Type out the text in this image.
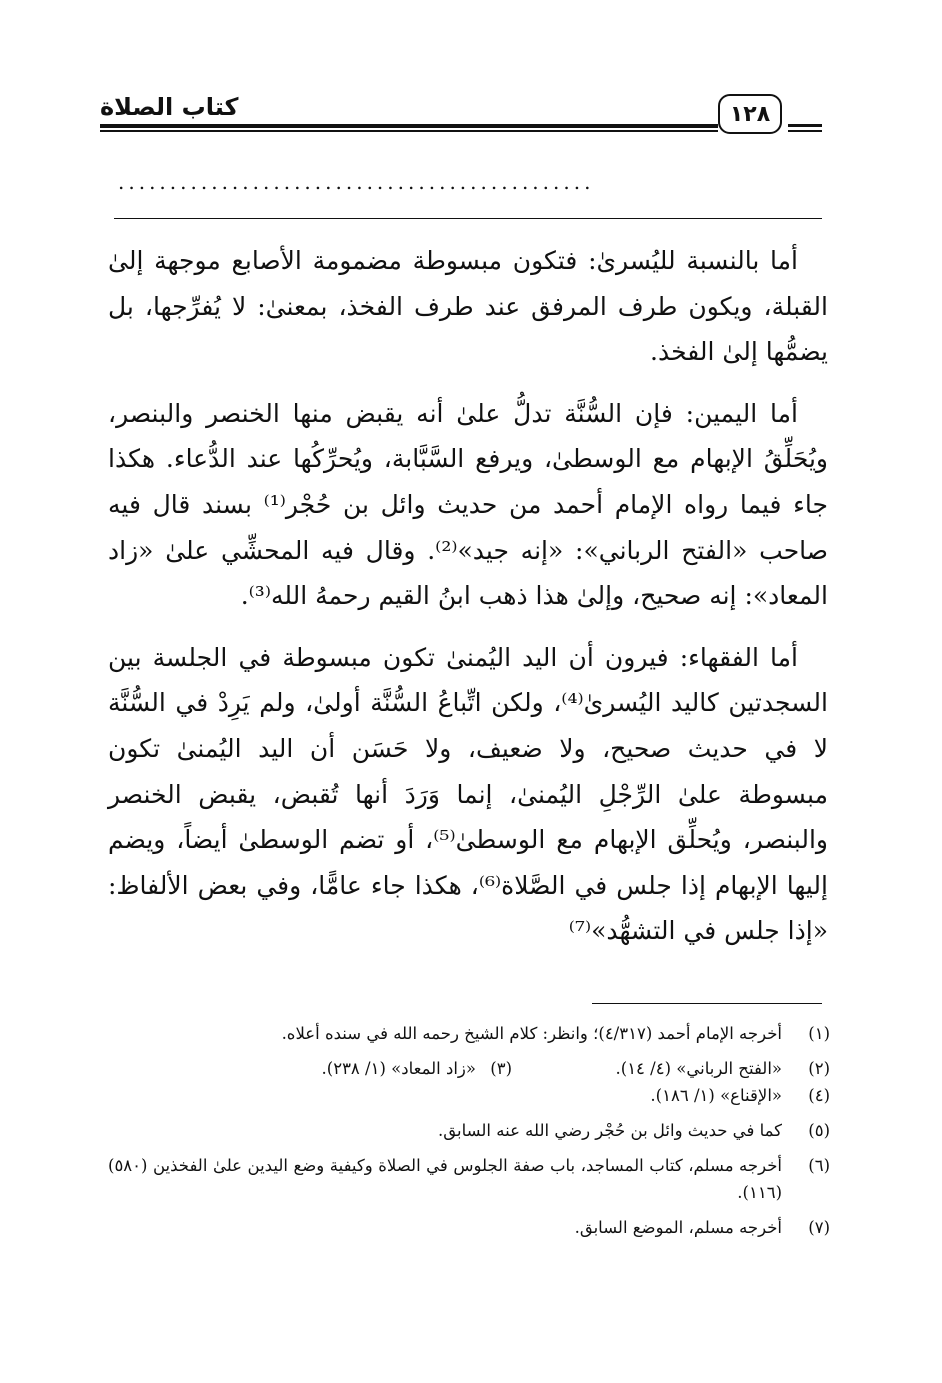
كتاب الصلاة	١٢٨
..............................................

أما بالنسبة لليُسرىٰ: فتكون مبسوطة مضمومة الأصابع موجهة إلىٰ القبلة، ويكون طرف المرفق عند طرف الفخذ، بمعنىٰ: لا يُفرِّجها، بل يضمُّها إلىٰ الفخذ.

أما اليمين: فإن السُّنَّة تدلُّ علىٰ أنه يقبض منها الخنصر والبنصر، ويُحَلِّقُ الإبهام مع الوسطىٰ، ويرفع السَّبَّابة، ويُحرِّكُها عند الدُّعاء. هكذا جاء فيما رواه الإمام أحمد من حديث وائل بن حُجْر⁽¹⁾ بسند قال فيه صاحب «الفتح الرباني»: «إنه جيد»⁽²⁾. وقال فيه المحشِّي علىٰ «زاد المعاد»: إنه صحيح، وإلىٰ هذا ذهب ابنُ القيم رحمهُ الله⁽³⁾.

أما الفقهاء: فيرون أن اليد اليُمنىٰ تكون مبسوطة في الجلسة بين السجدتين كاليد اليُسرىٰ⁽⁴⁾، ولكن اتِّباعُ السُّنَّة أولىٰ، ولم يَرِدْ في السُّنَّة لا في حديث صحيح، ولا ضعيف، ولا حَسَن أن اليد اليُمنىٰ تكون مبسوطة علىٰ الرِّجْلِ اليُمنىٰ، إنما وَرَدَ أنها تُقبض، يقبض الخنصر والبنصر، ويُحلِّق الإبهام مع الوسطىٰ⁽⁵⁾، أو تضم الوسطىٰ أيضاً، ويضم إليها الإبهام إذا جلس في الصَّلاة⁽⁶⁾، هكذا جاء عامًّا، وفي بعض الألفاظ: «إذا جلس في التشهُّد»⁽⁷⁾

(١)
أخرجه الإمام أحمد (٤/٣١٧)؛ وانظر: كلام الشيخ رحمه الله في سنده أعلاه.
(٢)
«الفتح الرباني» (٤/ ١٤).
(٣)
«زاد المعاد» (١/ ٢٣٨).
(٤)
«الإقناع» (١/ ١٨٦).
(٥)
كما في حديث وائل بن حُجْر رضي الله عنه السابق.
(٦)
أخرجه مسلم، كتاب المساجد، باب صفة الجلوس في الصلاة وكيفية وضع اليدين علىٰ الفخذين (٥٨٠) (١١٦).
(٧)
أخرجه مسلم، الموضع السابق.
